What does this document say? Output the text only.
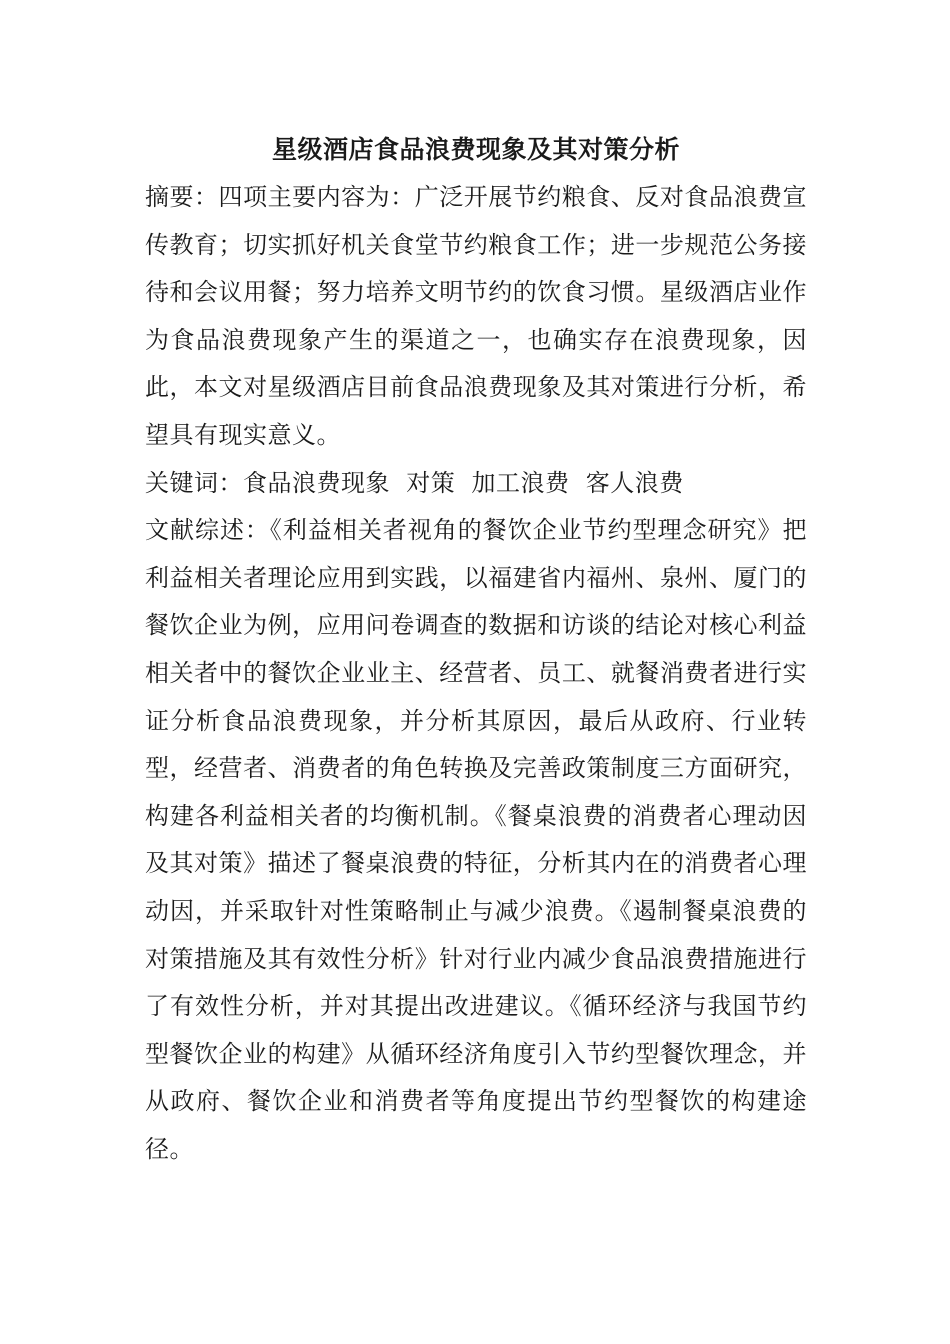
星级酒店食品浪费现象及其对策分析

摘要：四项主要内容为：广泛开展节约粮食、反对食品浪费宣传教育；切实抓好机关食堂节约粮食工作；进一步规范公务接待和会议用餐；努力培养文明节约的饮食习惯。星级酒店业作为食品浪费现象产生的渠道之一，也确实存在浪费现象，因此，本文对星级酒店目前食品浪费现象及其对策进行分析，希望具有现实意义。

关键词：食品浪费现象  对策  加工浪费  客人浪费

文献综述：《利益相关者视角的餐饮企业节约型理念研究》把利益相关者理论应用到实践，以福建省内福州、泉州、厦门的餐饮企业为例，应用问卷调查的数据和访谈的结论对核心利益相关者中的餐饮企业业主、经营者、员工、就餐消费者进行实证分析食品浪费现象，并分析其原因，最后从政府、行业转型，经营者、消费者的角色转换及完善政策制度三方面研究，构建各利益相关者的均衡机制。《餐桌浪费的消费者心理动因及其对策》描述了餐桌浪费的特征，分析其内在的消费者心理动因，并采取针对性策略制止与减少浪费。《遏制餐桌浪费的对策措施及其有效性分析》针对行业内减少食品浪费措施进行了有效性分析，并对其提出改进建议。《循环经济与我国节约型餐饮企业的构建》从循环经济角度引入节约型餐饮理念，并从政府、餐饮企业和消费者等角度提出节约型餐饮的构建途径。
